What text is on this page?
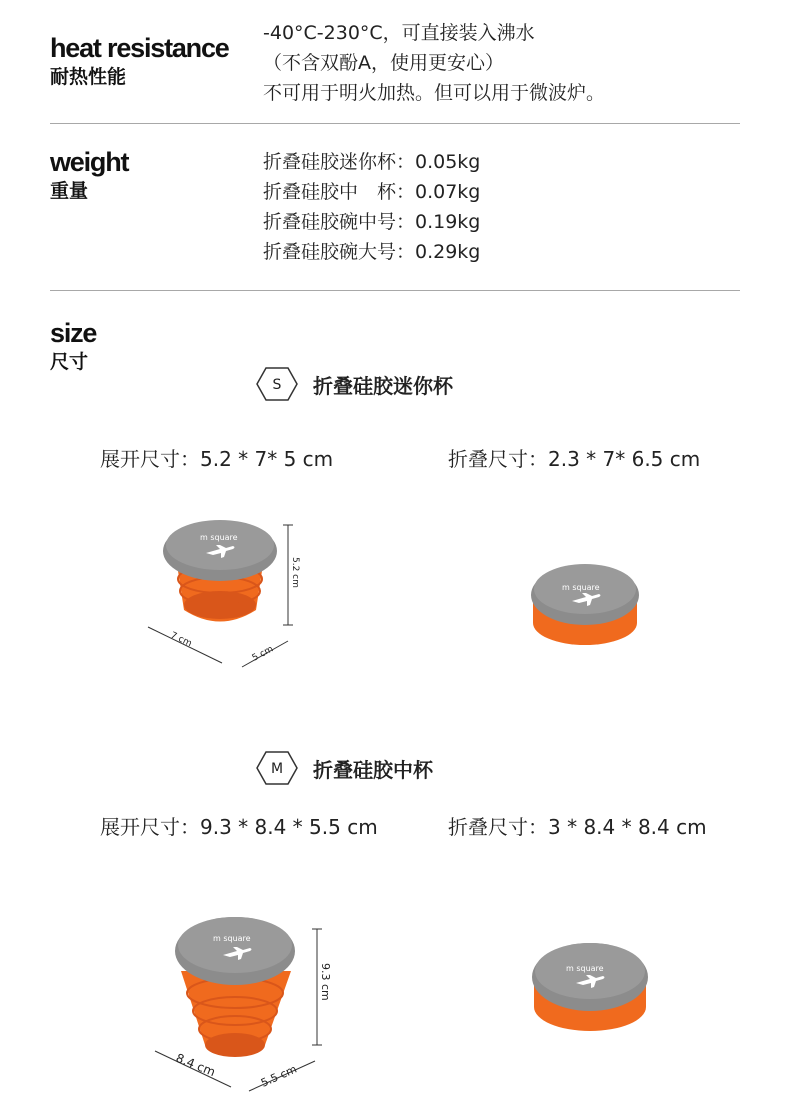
heat resistance
耐热性能
-40°C-230°C，可直接装入沸水
（不含双酚A，使用更安心）
不可用于明火加热。但可以用于微波炉。
weight
重量
折叠硅胶迷你杯：0.05kg
折叠硅胶中　杯：0.07kg
折叠硅胶碗中号：0.19kg
折叠硅胶碗大号：0.29kg
size
尺寸
S 折叠硅胶迷你杯
展开尺寸：5.2 * 7* 5 cm	折叠尺寸：2.3 * 7* 6.5 cm
m square
5.2 cm
7 cm
5 cm
m square
M 折叠硅胶中杯
展开尺寸：9.3 * 8.4 * 5.5 cm	折叠尺寸：3 * 8.4 * 8.4 cm
m square
9.3 cm
8.4 cm	5.5 cm
m square
